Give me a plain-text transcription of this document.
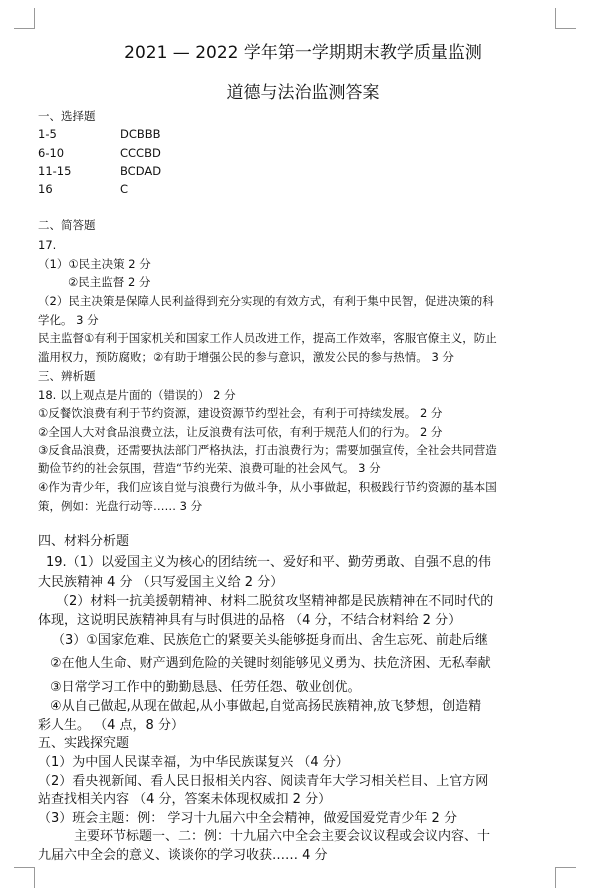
2021 — 2022 学年第一学期期末教学质量监测
道德与法治监测答案
一、选择题
1-5	DCBBB
6-10	CCCBD
11-15	BCDAD
16	C
二、简答题
17.
（1）①民主决策 2 分
②民主监督 2 分
（2）民主决策是保障人民利益得到充分实现的有效方式，有利于集中民智，促进决策的科
学化。 3 分
民主监督①有利于国家机关和国家工作人员改进工作，提高工作效率，客服官僚主义，防止
滥用权力，预防腐败；②有助于增强公民的参与意识，激发公民的参与热情。 3 分
三、辨析题
18. 以上观点是片面的（错误的） 2 分
①反餐饮浪费有利于节约资源，建设资源节约型社会，有利于可持续发展。 2 分
②全国人大对食品浪费立法，让反浪费有法可依，有利于规范人们的行为。 2 分
③反食品浪费，还需要执法部门严格执法，打击浪费行为；需要加强宣传，全社会共同营造
勤俭节约的社会氛围，营造“节约光荣、浪费可耻的社会风气。 3 分
④作为青少年，我们应该自觉与浪费行为做斗争，从小事做起，积极践行节约资源的基本国
策，例如：光盘行动等…… 3 分
四、材料分析题
19.（1）以爱国主义为核心的团结统一、爱好和平、勤劳勇敢、自强不息的伟
大民族精神 4 分 （只写爱国主义给 2 分）
（2）材料一抗美援朝精神、材料二脱贫攻坚精神都是民族精神在不同时代的
体现，这说明民族精神具有与时俱进的品格 （4 分，不结合材料给 2 分）
（3）①国家危难、民族危亡的紧要关头能够挺身而出、舍生忘死、前赴后继
②在他人生命、财产遇到危险的关键时刻能够见义勇为、扶危济困、无私奉献
③日常学习工作中的勤勤恳恳、任劳任怨、敬业创优。
④从自己做起,从现在做起,从小事做起,自觉高扬民族精神,放飞梦想，创造精
彩人生。 （4 点，8 分）
五、实践探究题
（1）为中国人民谋幸福，为中华民族谋复兴 （4 分）
（2）看央视新闻、看人民日报相关内容、阅读青年大学习相关栏目、上官方网
站查找相关内容 （4 分，答案未体现权威扣 2 分）
（3）班会主题：例： 学习十九届六中全会精神，做爱国爱党青少年 2 分
主要环节标题一、二：例：十九届六中全会主要会议议程或会议内容、十
九届六中全会的意义、谈谈你的学习收获…… 4 分
